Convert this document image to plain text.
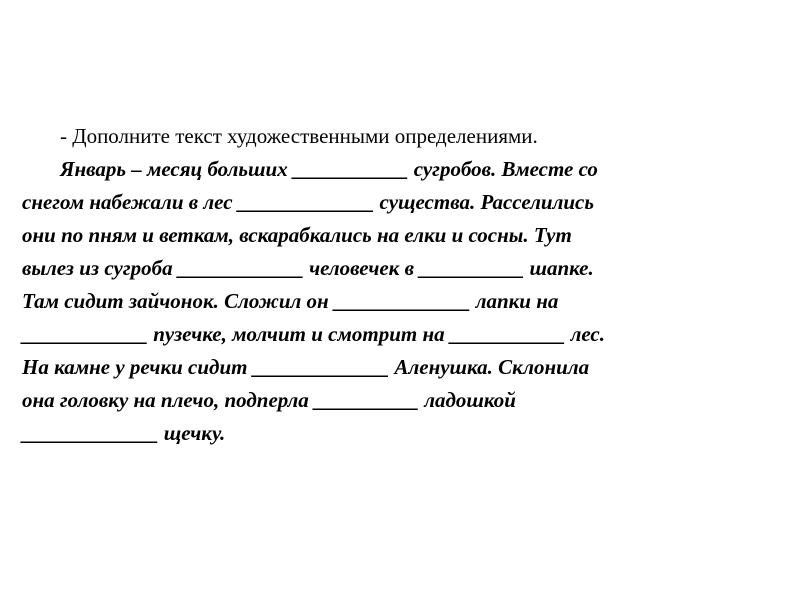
- Дополните текст художественными определениями.
Январь – месяц больших ___________ сугробов. Вместе со
снегом набежали в лес _____________ существа. Расселились
они по пням и веткам, вскарабкались на елки и сосны. Тут
вылез из сугроба ____________ человечек в __________ шапке.
Там сидит зайчонок. Сложил он _____________ лапки на
____________ пузечке, молчит и смотрит на ___________ лес.
На камне у речки сидит _____________ Аленушка. Склонила
она головку на плечо, подперла __________ ладошкой
_____________ щечку.
